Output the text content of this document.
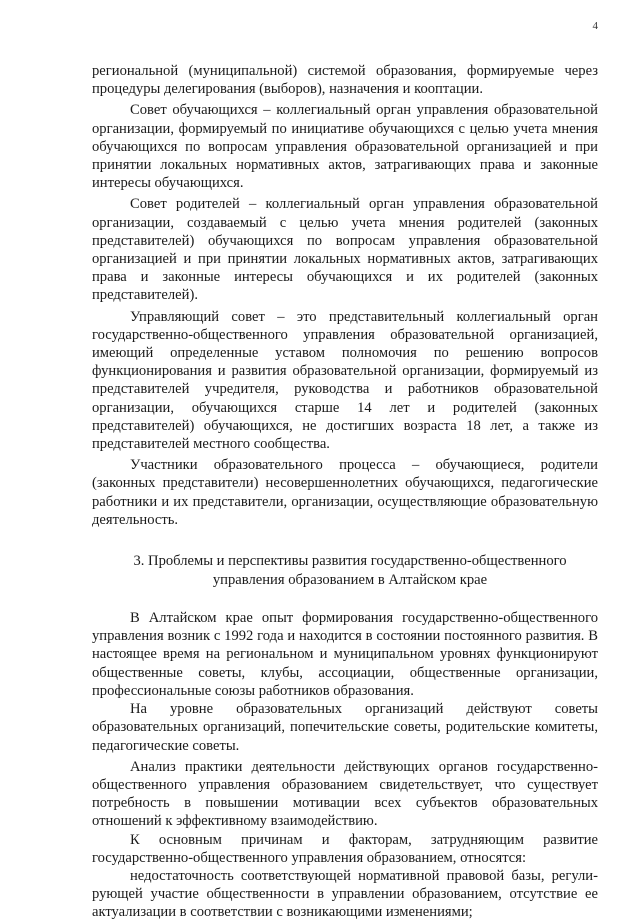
4

региональной (муниципальной) системой образования, формируемые через процедуры делегирования (выборов), назначения и кооптации.

Совет обучающихся – коллегиальный орган управления образовательной организации, формируемый по инициативе обучающихся с целью учета мнения обучающихся по вопросам управления образовательной организацией и при принятии локальных нормативных актов, затрагивающих права и законные интересы обучающихся.

Совет родителей – коллегиальный орган управления образовательной организации, создаваемый с целью учета мнения родителей (законных представителей) обучающихся по вопросам управления образовательной организацией и при принятии локальных нормативных актов, затрагивающих права и законные интересы обучающихся и их родителей (законных представителей).

Управляющий совет – это представительный коллегиальный орган государственно-общественного управления образовательной организацией, имеющий определенные уставом полномочия по решению вопросов функционирования и развития образовательной организации, формируемый из представителей учредителя, руководства и работников образовательной организации, обучающихся старше 14 лет и родителей (законных представителей) обучающихся, не достигших возраста 18 лет, а также из представителей местного сообщества.

Участники образовательного процесса – обучающиеся, родители (законных представители) несовершеннолетних обучающихся, педагогические работники и их представители, организации, осуществляющие образовательную деятельность.

3. Проблемы и перспективы развития государственно-общественного
управления образованием в Алтайском крае

В Алтайском крае опыт формирования государственно-общественного управления возник с 1992 года и находится в состоянии постоянного развития. В настоящее время на региональном и муниципальном уровнях функционируют общественные советы, клубы, ассоциации, общественные организации, профессиональные союзы работников образования.

На уровне образовательных организаций действуют советы образовательных организаций, попечительские советы, родительские комитеты, педагогические советы.

Анализ практики деятельности действующих органов государственно-общественного управления образованием свидетельствует, что существует потребность в повышении мотивации всех субъектов образовательных отношений к эффективному взаимодействию.

К основным причинам и факторам, затрудняющим развитие государственно-общественного управления образованием, относятся:

недостаточность соответствующей нормативной правовой базы, регулирующей участие общественности в управлении образованием, отсутствие ее актуализации в соответствии с возникающими изменениями;
